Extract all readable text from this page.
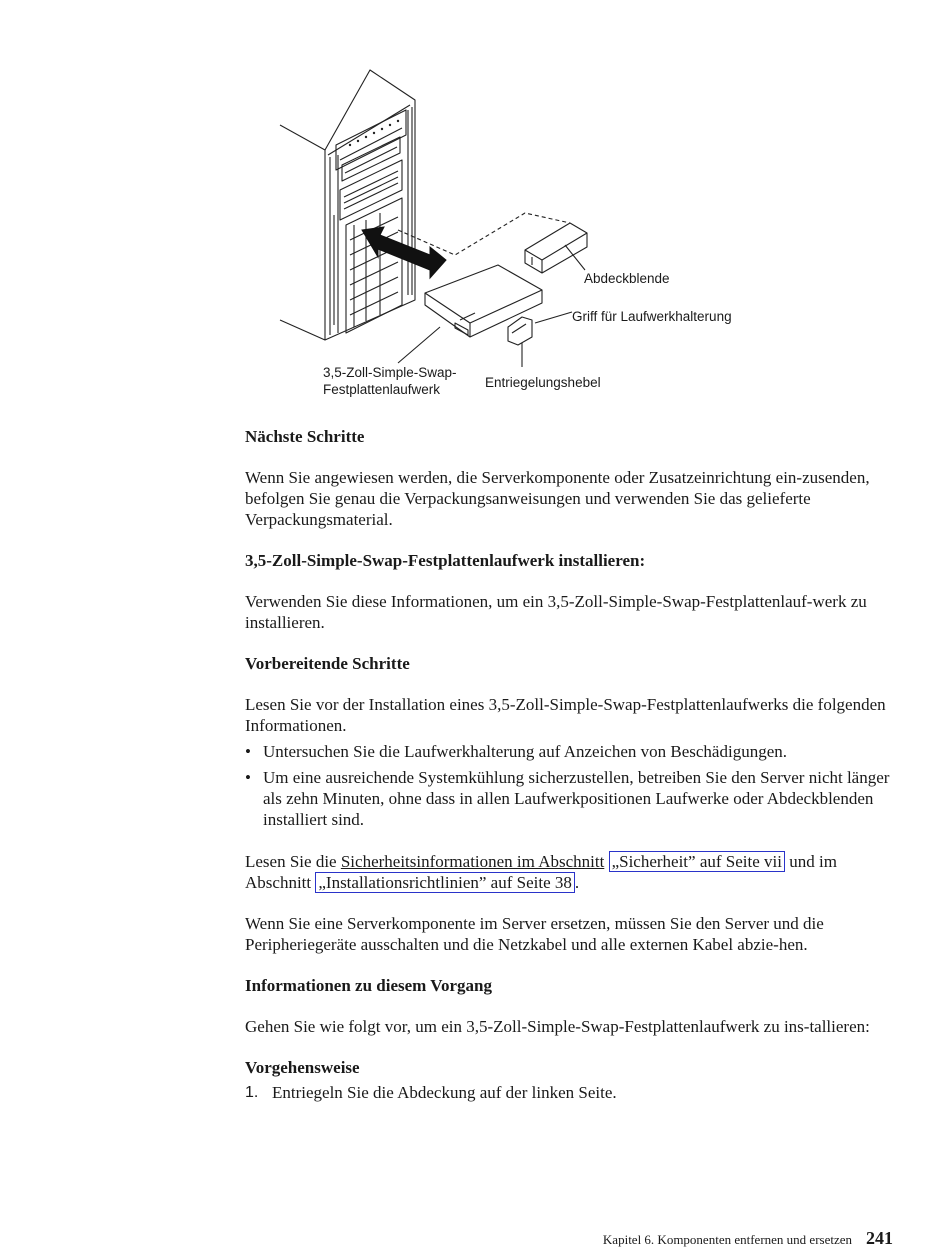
Abdeckblende
Griff für Laufwerkhalterung
3,5-Zoll-Simple-Swap-
Festplattenlaufwerk	Entriegelungshebel
Nächste Schritte

Wenn Sie angewiesen werden, die Serverkomponente oder Zusatzeinrichtung ein-zusenden, befolgen Sie genau die Verpackungsanweisungen und verwenden Sie das gelieferte Verpackungsmaterial.

3,5-Zoll-Simple-Swap-Festplattenlaufwerk installieren:

Verwenden Sie diese Informationen, um ein 3,5-Zoll-Simple-Swap-Festplattenlauf-werk zu installieren.

Vorbereitende Schritte

Lesen Sie vor der Installation eines 3,5-Zoll-Simple-Swap-Festplattenlaufwerks die folgenden Informationen.

• Untersuchen Sie die Laufwerkhalterung auf Anzeichen von Beschädigungen.
• Um eine ausreichende Systemkühlung sicherzustellen, betreiben Sie den Server nicht länger als zehn Minuten, ohne dass in allen Laufwerkpositionen Laufwerke oder Abdeckblenden installiert sind.

Lesen Sie die Sicherheitsinformationen im Abschnitt „Sicherheit” auf Seite vii und im Abschnitt „Installationsrichtlinien” auf Seite 38 .

Wenn Sie eine Serverkomponente im Server ersetzen, müssen Sie den Server und die Peripheriegeräte ausschalten und die Netzkabel und alle externen Kabel abzie-hen.

Informationen zu diesem Vorgang

Gehen Sie wie folgt vor, um ein 3,5-Zoll-Simple-Swap-Festplattenlaufwerk zu ins-tallieren:

Vorgehensweise
1. Entriegeln Sie die Abdeckung auf der linken Seite.
Kapitel 6. Komponenten entfernen und ersetzen 241
